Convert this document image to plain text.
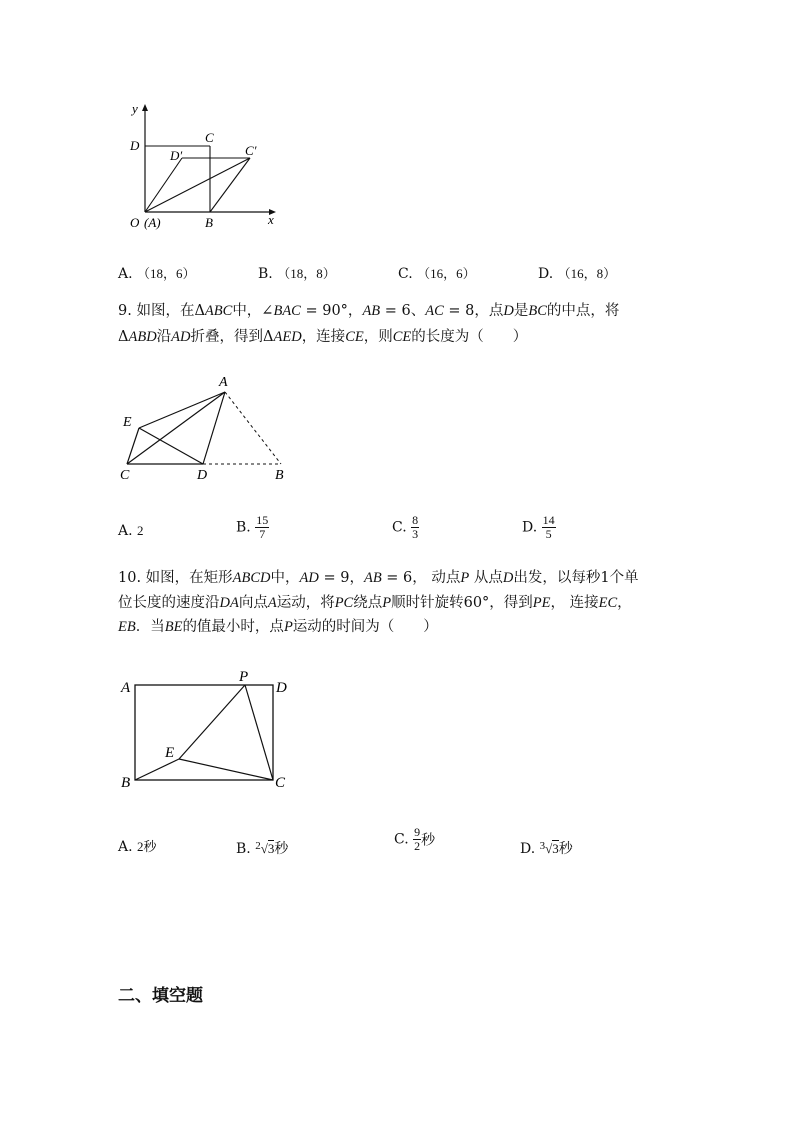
y
x
D
C
D′	C′
O (A)	B
A. （18，6）	B. （18，8）	C. （16，6）	D. （16，8）
9. 如图，在ΔABC中，∠BAC = 90°，AB = 6、AC = 8，点D是BC的中点，将
ΔABD沿AD折叠，得到ΔAED，连接CE，则CE的长度为（　　）
A
E
C	D	B
A. 2	B. $\frac{15}{7}$	C. $\frac{8}{3}$	D. $\frac{14}{5}$
10. 如图，在矩形ABCD中，AD = 9，AB = 6， 动点P 从点D出发，以每秒1个单
位长度的速度沿DA向点A运动，将PC绕点P顺时针旋转60°，得到PE， 连接EC，
EB．当BE的值最小时，点P运动的时间为（　　）
A
P
D
E
B	C
A. 2秒	B. $^2$√3秒
C. $\frac{9}{2}$ 秒
D. $^3$√3秒
二、填空题
